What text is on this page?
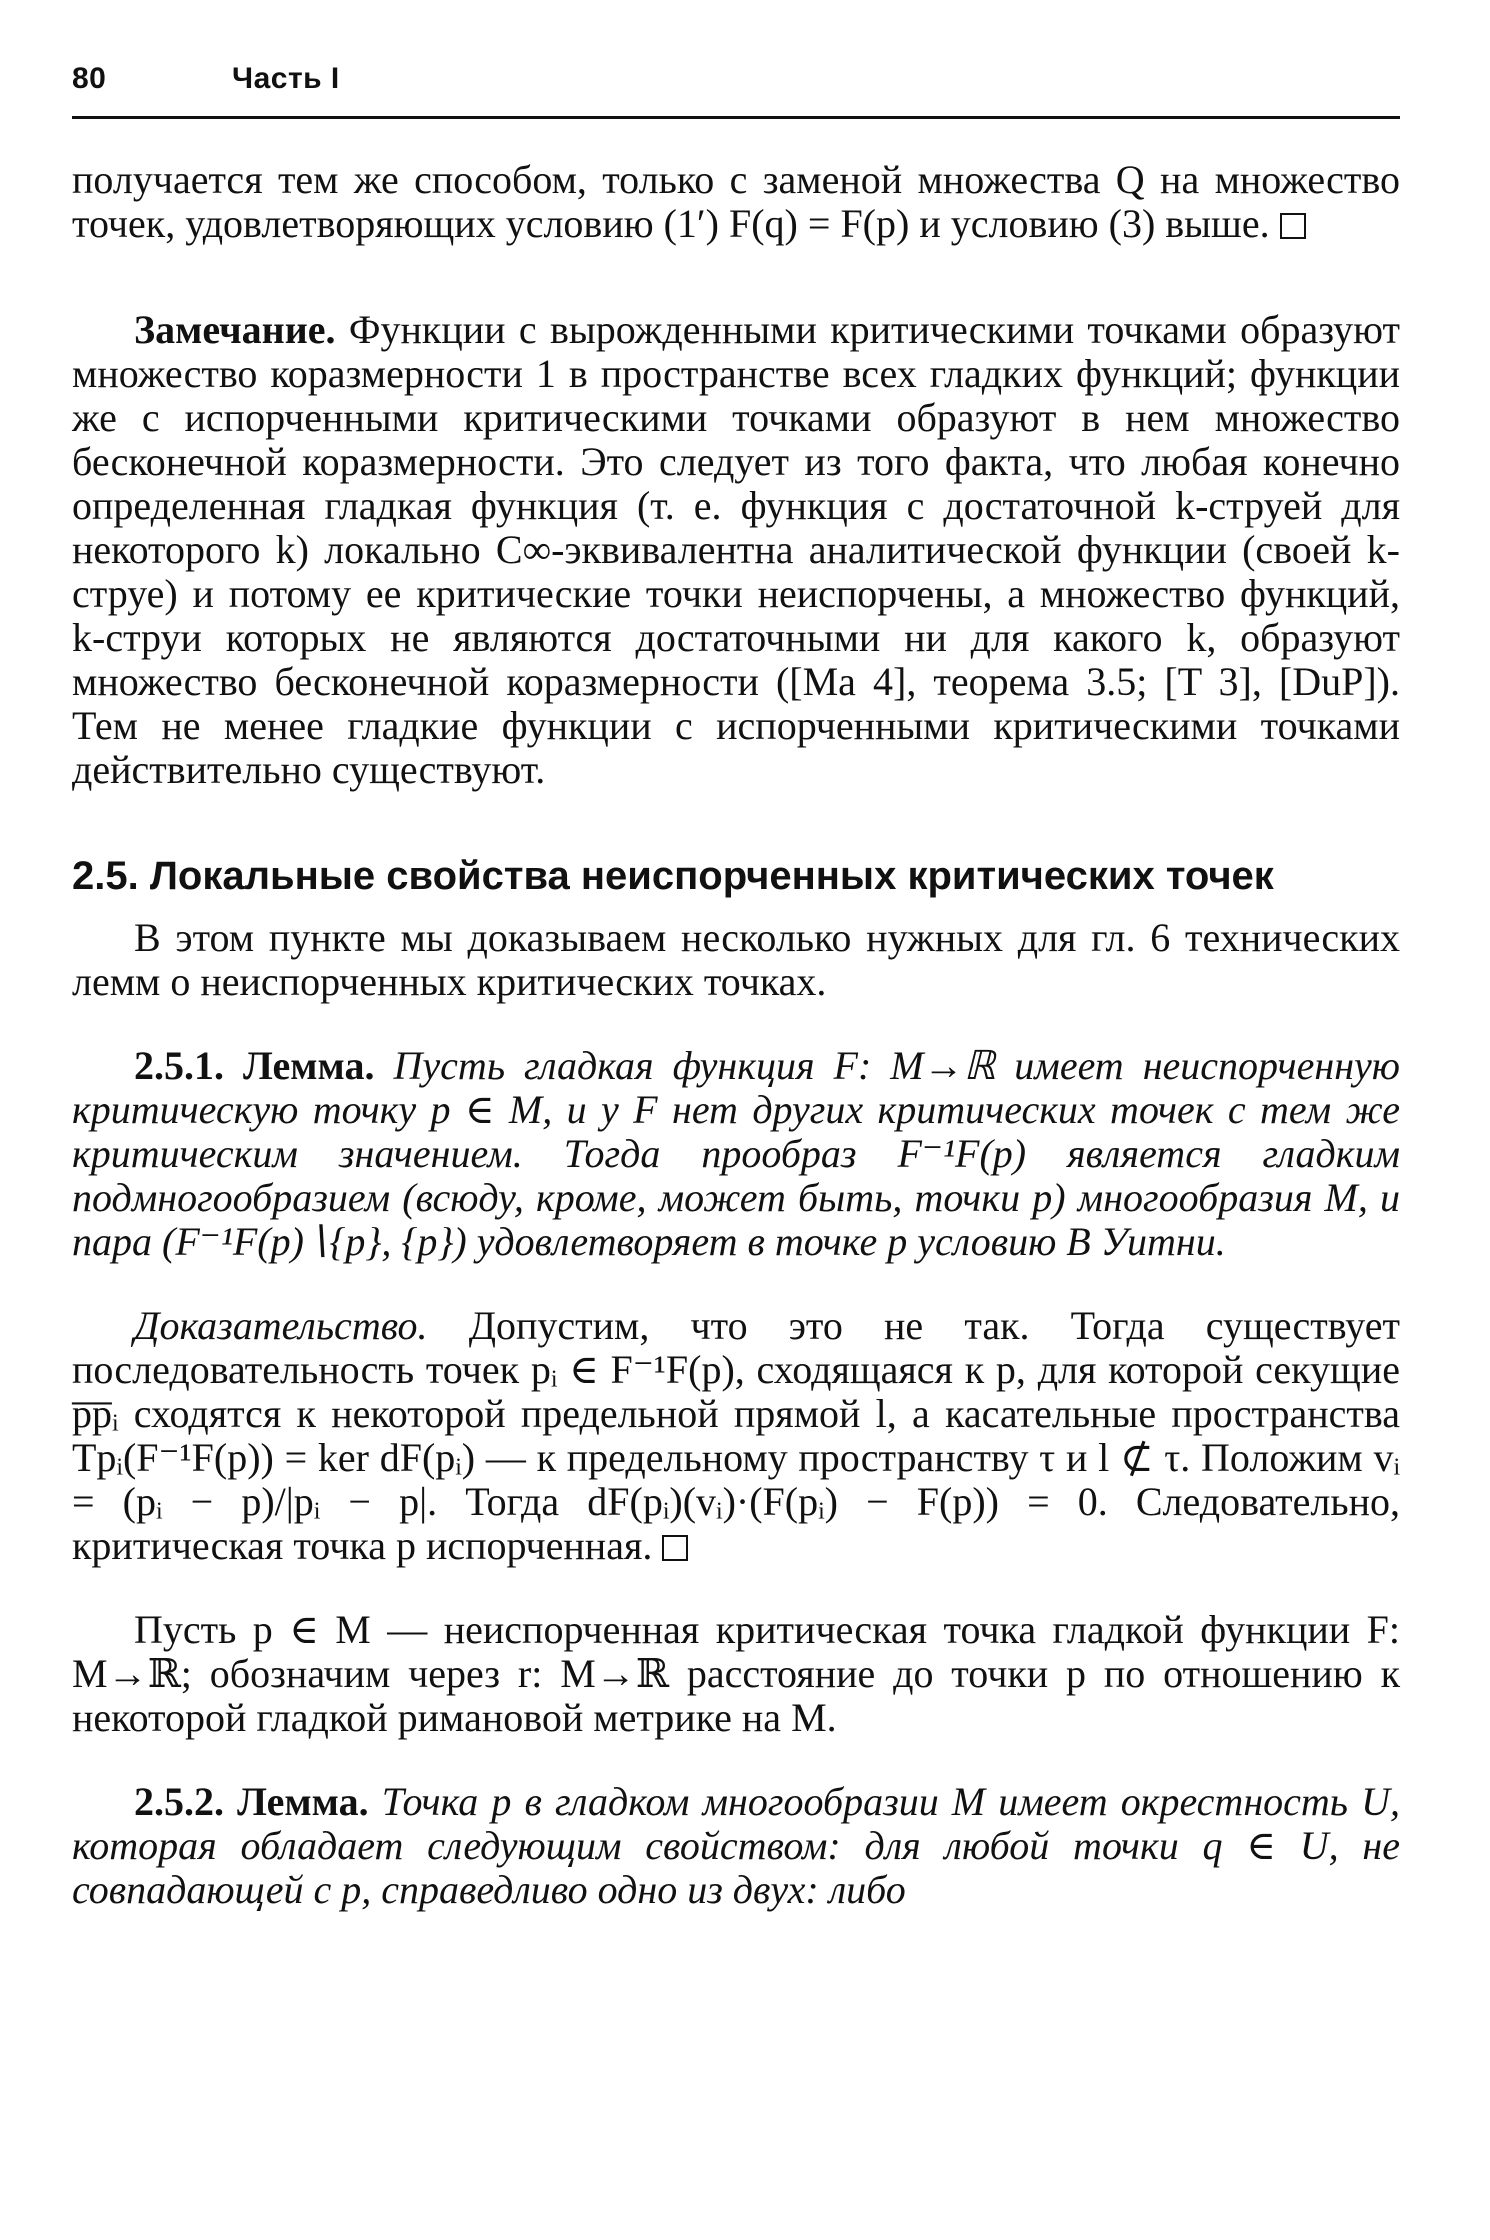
80	Часть I

получается тем же способом, только с заменой множества Q на множество точек, удовлетворяющих условию (1′) F(q) = F(p) и условию (3) выше.

Замечание. Функции с вырожденными критическими точками образуют множество коразмерности 1 в пространстве всех гладких функций; функции же с испорченными критическими точками образуют в нем множество бесконечной коразмерности. Это следует из того факта, что любая конечно определенная гладкая функция (т. е. функция с достаточной k-струей для некоторого k) локально C∞-эквивалентна аналитической функции (своей k-струе) и потому ее критические точки неиспорчены, а множество функций, k-струи которых не являются достаточными ни для какого k, образуют множество бесконечной коразмерности ([Ma 4], теорема 3.5; [T 3], [DuP]). Тем не менее гладкие функции с испорченными критическими точками действительно существуют.

2.5. Локальные свойства неиспорченных критических точек

В этом пункте мы доказываем несколько нужных для гл. 6 технических лемм о неиспорченных критических точках.

2.5.1. Лемма. Пусть гладкая функция F: M→ℝ имеет неиспорченную критическую точку p ∈ M, и у F нет других критических точек с тем же критическим значением. Тогда прообраз F⁻¹F(p) является гладким подмногообразием (всюду, кроме, может быть, точки p) многообразия M, и пара (F⁻¹F(p)∖{p}, {p}) удовлетворяет в точке p условию B Уитни.

Доказательство. Допустим, что это не так. Тогда существует последовательность точек pᵢ ∈ F⁻¹F(p), сходящаяся к p, для которой секущие p̅p̅ᵢ сходятся к некоторой предельной прямой l, а касательные пространства Tpᵢ(F⁻¹F(p)) = ker dF(pᵢ) — к предельному пространству τ и l ⊄ τ. Положим vᵢ = (pᵢ − p)/|pᵢ − p|. Тогда dF(pᵢ)(vᵢ)·(F(pᵢ) − F(p)) = 0. Следовательно, критическая точка p испорченная.

Пусть p ∈ M — неиспорченная критическая точка гладкой функции F: M→ℝ; обозначим через r: M→ℝ расстояние до точки p по отношению к некоторой гладкой римановой метрике на M.

2.5.2. Лемма. Точка p в гладком многообразии M имеет окрестность U, которая обладает следующим свойством: для любой точки q ∈ U, не совпадающей с p, справедливо одно из двух: либо
